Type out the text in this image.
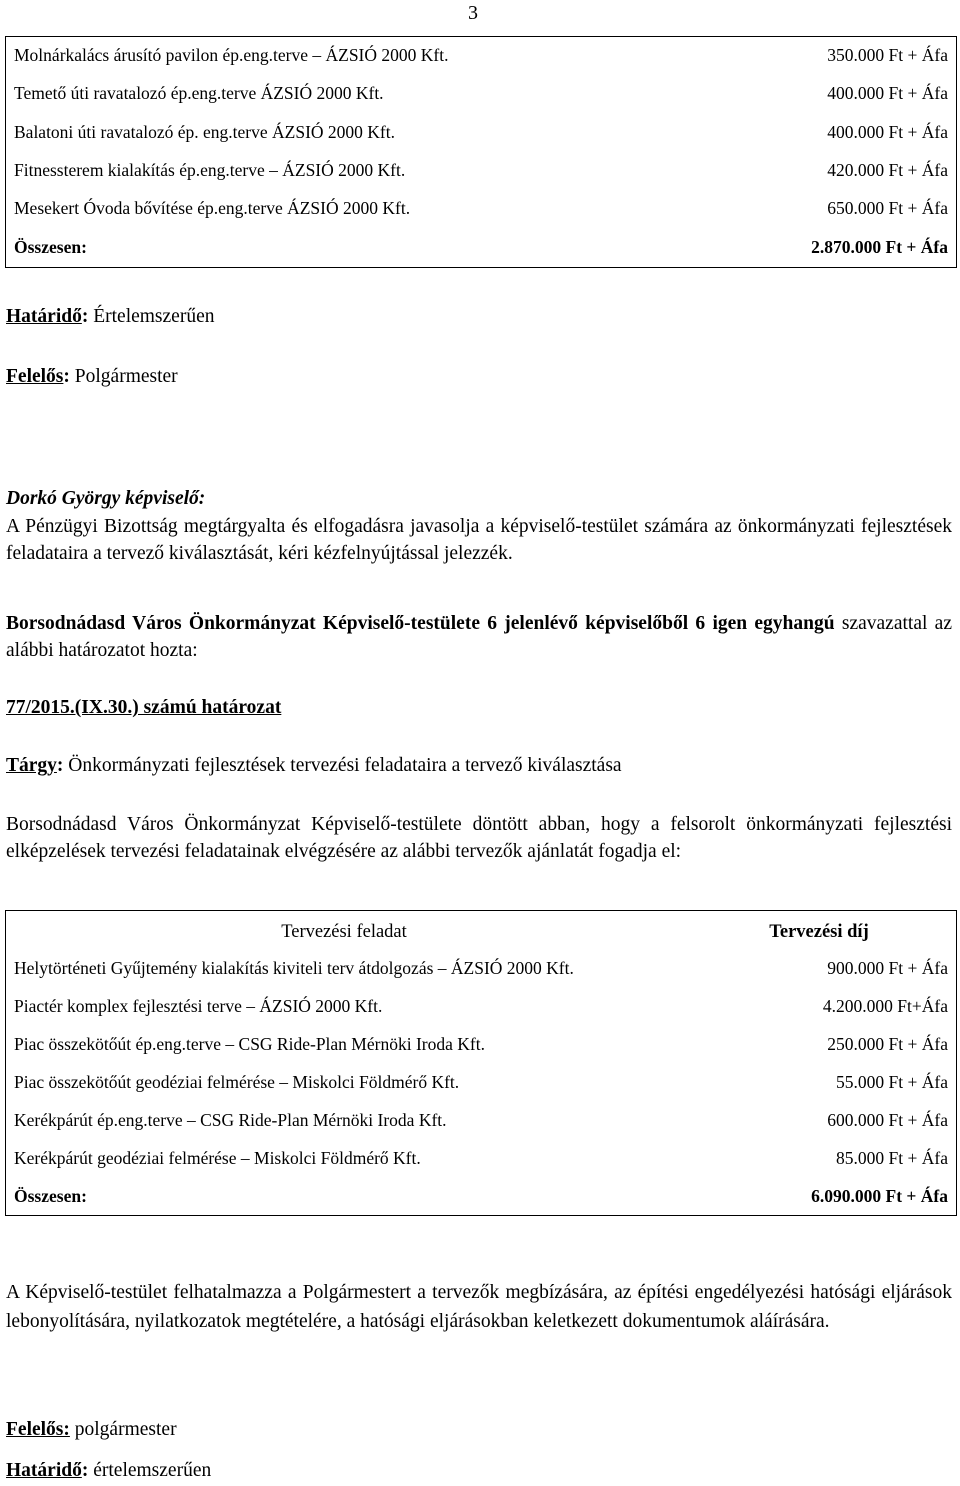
3
Molnárkalács árusító pavilon ép.eng.terve – ÁZSIÓ 2000 Kft.	350.000 Ft + Áfa
Temető úti ravatalozó ép.eng.terve ÁZSIÓ 2000 Kft.	400.000 Ft + Áfa
Balatoni úti ravatalozó ép. eng.terve ÁZSIÓ 2000 Kft.	400.000 Ft + Áfa
Fitnessterem kialakítás ép.eng.terve – ÁZSIÓ 2000 Kft.	420.000 Ft + Áfa
Mesekert Óvoda bővítése ép.eng.terve ÁZSIÓ 2000 Kft.	650.000 Ft + Áfa
Összesen:	2.870.000 Ft + Áfa
Határidő: Értelemszerűen
Felelős: Polgármester
Dorkó György képviselő:
A Pénzügyi Bizottság megtárgyalta és elfogadásra javasolja a képviselő-testület számára az önkormányzati fejlesztések feladataira a tervező kiválasztását, kéri kézfelnyújtással jelezzék.
Borsodnádasd Város Önkormányzat Képviselő-testülete 6 jelenlévő képviselőből 6 igen egyhangú szavazattal az alábbi határozatot hozta:
77/2015.(IX.30.) számú határozat
Tárgy: Önkormányzati fejlesztések tervezési feladataira a tervező kiválasztása
Borsodnádasd Város Önkormányzat Képviselő-testülete döntött abban, hogy a felsorolt önkormányzati fejlesztési elképzelések tervezési feladatainak elvégzésére az alábbi tervezők ajánlatát fogadja el:
Tervezési feladat	Tervezési díj
Helytörténeti Gyűjtemény kialakítás kiviteli terv átdolgozás – ÁZSIÓ 2000 Kft.	900.000 Ft + Áfa
Piactér komplex fejlesztési terve – ÁZSIÓ 2000 Kft.	4.200.000 Ft+Áfa
Piac összekötőút ép.eng.terve – CSG Ride-Plan Mérnöki Iroda Kft.	250.000 Ft + Áfa
Piac összekötőút geodéziai felmérése – Miskolci Földmérő Kft.	55.000 Ft + Áfa
Kerékpárút ép.eng.terve – CSG Ride-Plan Mérnöki Iroda Kft.	600.000 Ft + Áfa
Kerékpárút geodéziai felmérése – Miskolci Földmérő Kft.	85.000 Ft + Áfa
Összesen:	6.090.000 Ft + Áfa
A Képviselő-testület felhatalmazza a Polgármestert a tervezők megbízására, az építési engedélyezési hatósági eljárások lebonyolítására, nyilatkozatok megtételére, a hatósági eljárásokban keletkezett dokumentumok aláírására.
Felelős: polgármester
Határidő: értelemszerűen
